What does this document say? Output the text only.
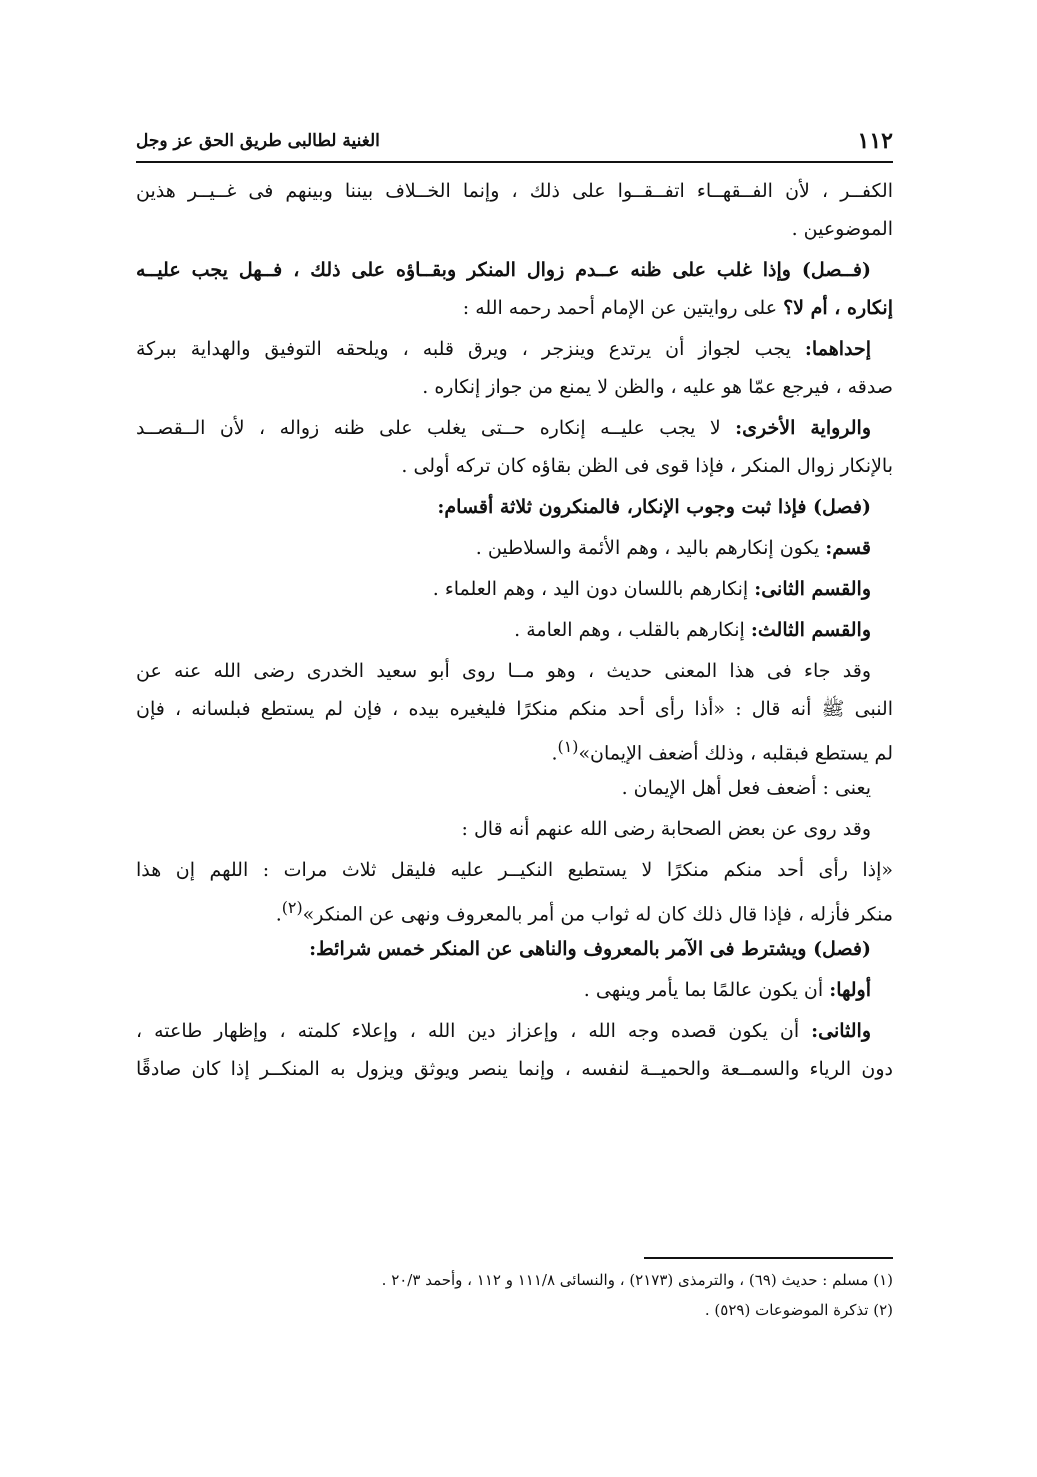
١١٢
الغنية لطالبى طريق الحق عز وجل
الكفــر ، لأن الفــقهــاء اتفــقــوا على ذلك ، وإنما الخــلاف بيننا وبينهم فى غــيــر هذين
الموضوعين .
(فــصل) وإذا غلب على ظنه عــدم زوال المنكر وبقــاؤه على ذلك ، فــهل يجب عليــه
إنكاره ، أم لا؟ على روايتين عن الإمام أحمد رحمه الله :
إحداهما: يجب لجواز أن يرتدع وينزجر ، ويرق قلبه ، ويلحقه التوفيق والهداية ببركة
صدقه ، فيرجع عمّا هو عليه ، والظن لا يمنع من جواز إنكاره .
والرواية الأخرى: لا يجب عليــه إنكاره حــتى يغلب على ظنه زواله ، لأن الــقصــد
بالإنكار زوال المنكر ، فإذا قوى فى الظن بقاؤه كان تركه أولى .
(فصل) فإذا ثبت وجوب الإنكار، فالمنكرون ثلاثة أقسام:
قسم: يكون إنكارهم باليد ، وهم الأئمة والسلاطين .
والقسم الثانى: إنكارهم باللسان دون اليد ، وهم العلماء .
والقسم الثالث: إنكارهم بالقلب ، وهم العامة .
وقد جاء فى هذا المعنى حديث ، وهو مــا روى أبو سعيد الخدرى رضى الله عنه عن
النبى ﷺ أنه قال : «أذا رأى أحد منكم منكرًا فليغيره بيده ، فإن لم يستطع فبلسانه ، فإن
لم يستطع فبقلبه ، وذلك أضعف الإيمان»$^{(١)}$.
يعنى : أضعف فعل أهل الإيمان .
وقد روى عن بعض الصحابة رضى الله عنهم أنه قال :
«إذا رأى أحد منكم منكرًا لا يستطيع النكيــر عليه فليقل ثلاث مرات : اللهم إن هذا
منكر فأزله ، فإذا قال ذلك كان له ثواب من أمر بالمعروف ونهى عن المنكر»$^{(٢)}$.
(فصل) ويشترط فى الآمر بالمعروف والناهى عن المنكر خمس شرائط:
أولها: أن يكون عالمًا بما يأمر وينهى .
والثانى: أن يكون قصده وجه الله ، وإعزاز دين الله ، وإعلاء كلمته ، وإظهار طاعته ،
دون الرياء والسمــعة والحميــة لنفسه ، وإنما ينصر ويوثق ويزول به المنكــر إذا كان صادقًا
(١) مسلم : حديث (٦٩) ، والترمذى (٢١٧٣) ، والنسائى ١١١/٨ و ١١٢ ، وأحمد ٢٠/٣ .
(٢) تذكرة الموضوعات (٥٢٩) .
